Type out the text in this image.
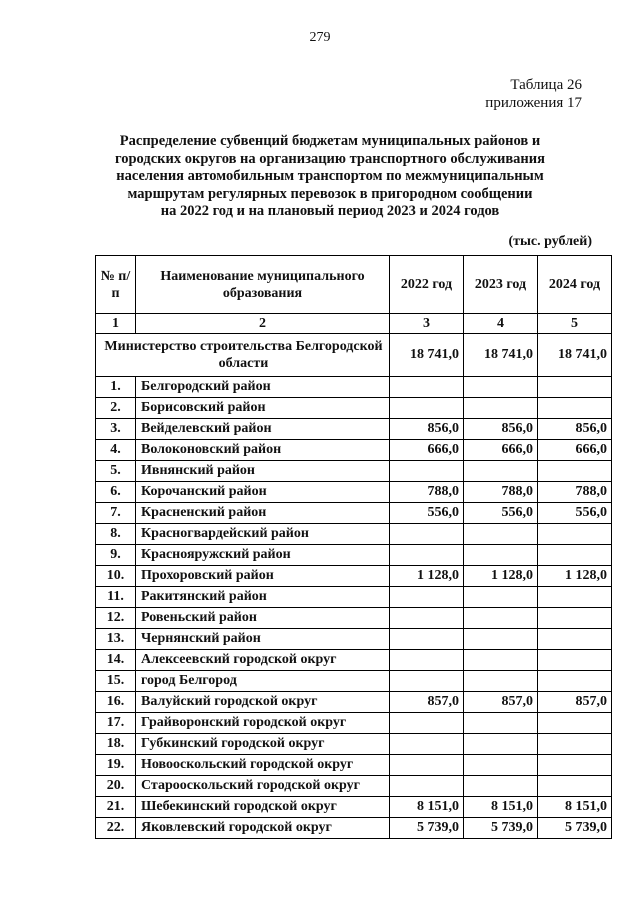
279
Таблица 26
приложения 17
Распределение субвенций бюджетам муниципальных районов и
городских округов на организацию транспортного обслуживания
населения автомобильным транспортом по межмуниципальным
маршрутам регулярных перевозок в пригородном сообщении
на 2022 год и на плановый период 2023 и 2024 годов
(тыс. рублей)
№ п/п	Наименование муниципального образования	2022 год	2023 год	2024 год
1	2	3	4	5
Министерство строительства Белгородской области		18 741,0	18 741,0	18 741,0
1.	Белгородский район			
2.	Борисовский район			
3.	Вейделевский район	856,0	856,0	856,0
4.	Волоконовский район	666,0	666,0	666,0
5.	Ивнянский район			
6.	Корочанский район	788,0	788,0	788,0
7.	Красненский район	556,0	556,0	556,0
8.	Красногвардейский район			
9.	Краснояружский район			
10.	Прохоровский район	1 128,0	1 128,0	1 128,0
11.	Ракитянский район			
12.	Ровеньский район			
13.	Чернянский район			
14.	Алексеевский городской округ			
15.	город Белгород			
16.	Валуйский городской округ	857,0	857,0	857,0
17.	Грайворонский городской округ			
18.	Губкинский городской округ			
19.	Новооскольский городской округ			
20.	Старооскольский городской округ			
21.	Шебекинский городской округ	8 151,0	8 151,0	8 151,0
22.	Яковлевский городской округ	5 739,0	5 739,0	5 739,0
